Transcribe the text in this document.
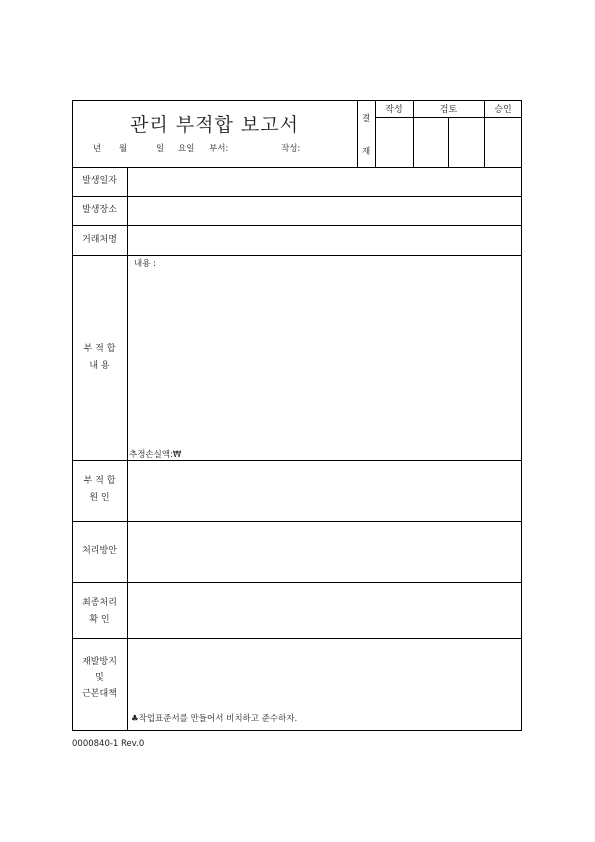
관리 부적합 보고서
년 월	일 요일 부서:	작성:
결
재
작성	검토	승인
발생일자
발생장소
거래처명
부 적 합
내 용
내용 :
추정손실액:₩
부 적 합
원 인
처리방안
최종처리
확 인
재발방지
및
근본대책
♣작업표준서를 만들어서 비치하고 준수하자.
0000840-1 Rev.0
